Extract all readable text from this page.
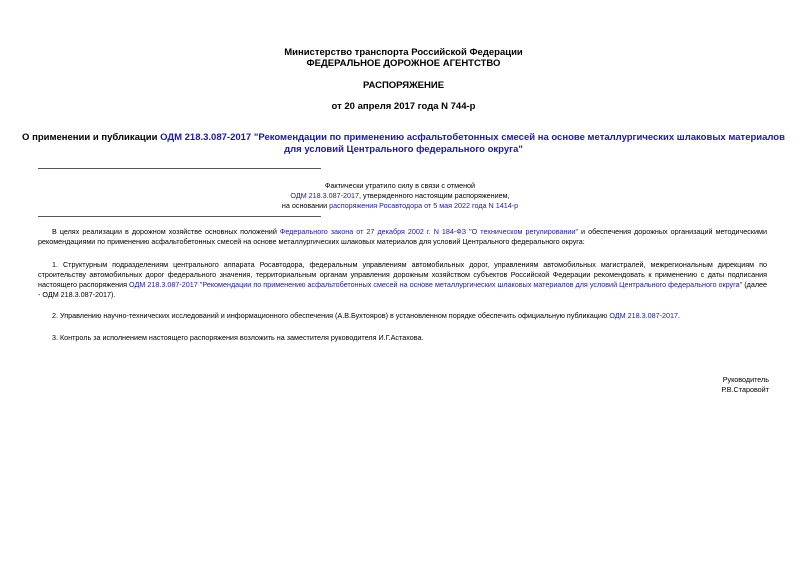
Министерство транспорта Российской Федерации
ФЕДЕРАЛЬНОЕ ДОРОЖНОЕ АГЕНТСТВО
РАСПОРЯЖЕНИЕ
от 20 апреля 2017 года N 744-р
О применении и публикации ОДМ 218.3.087-2017 "Рекомендации по применению асфальтобетонных смесей на основе металлургических шлаковых материалов
для условий Центрального федерального округа"
Фактически утратило силу в связи с отменой
ОДМ 218.3.087-2017, утвержденного настоящим распоряжением,
на основании распоряжения Росавтодора от 5 мая 2022 года N 1414-р
В целях реализации в дорожном хозяйстве основных положений Федерального закона от 27 декабря 2002 г. N 184-ФЗ "О техническом регулировании" и обеспечения дорожных организаций методическими рекомендациями по применению асфальтобетонных смесей на основе металлургических шлаковых материалов для условий Центрального федерального округа:
1. Структурным подразделениям центрального аппарата Росавтодора, федеральным управлениям автомобильных дорог, управлениям автомобильных магистралей, межрегиональным дирекциям по строительству автомобильных дорог федерального значения, территориальным органам управления дорожным хозяйством субъектов Российской Федерации рекомендовать к применению с даты подписания настоящего распоряжения ОДМ 218.3.087-2017 "Рекомендации по применению асфальтобетонных смесей на основе металлургических шлаковых материалов для условий Центрального федерального округа" (далее - ОДМ 218.3.087-2017).
2. Управлению научно-технических исследований и информационного обеспечения (А.В.Бухтояров) в установленном порядке обеспечить официальную публикацию ОДМ 218.3.087-2017.
3. Контроль за исполнением настоящего распоряжения возложить на заместителя руководителя И.Г.Астахова.
Руководитель
Р.В.Старовойт
